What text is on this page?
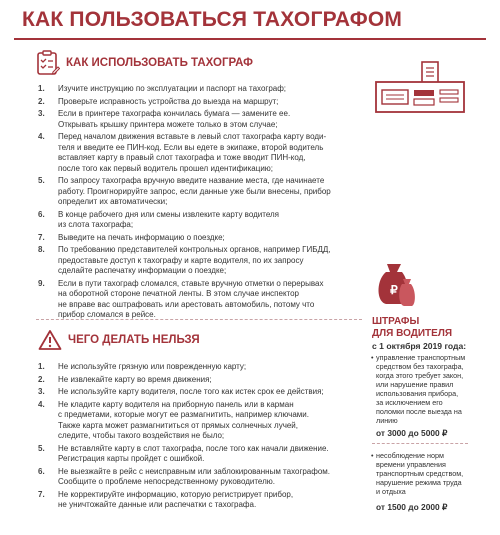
КАК ПОЛЬЗОВАТЬСЯ ТАХОГРАФОМ
КАК ИСПОЛЬЗОВАТЬ ТАХОГРАФ
1. Изучите инструкцию по эксплуатации и паспорт на тахограф;
2. Проверьте исправность устройства до выезда на маршрут;
3. Если в принтере тахографа кончилась бумага — замените ее.
Открывать крышку принтера можете только в этом случае;
4. Перед началом движения вставьте в левый слот тахографа карту води-
теля и введите ее ПИН-код. Если вы едете в экипаже, второй водитель
вставляет карту в правый слот тахографа и тоже вводит ПИН-код,
после того как первый водитель прошел идентификацию;
5. По запросу тахографа вручную введите название места, где начинаете
работу. Проигнорируйте запрос, если данные уже были внесены, прибор
определит их автоматически;
6. В конце рабочего дня или смены извлеките карту водителя
из слота тахографа;
7. Выведите на печать информацию о поездке;
8. По требованию представителей контрольных органов, например ГИБДД,
предоставьте доступ к тахографу и карте водителя, по их запросу
сделайте распечатку информации о поездке;
9. Если в пути тахограф сломался, ставьте вручную отметки о перерывах
на оборотной стороне печатной ленты. В этом случае инспектор
не вправе вас оштрафовать или арестовать автомобиль, потому что
прибор сломался в рейсе.
ЧЕГО ДЕЛАТЬ НЕЛЬЗЯ
1. Не используйте грязную или поврежденную карту;
2. Не извлекайте карту во время движения;
3. Не используйте карту водителя, после того как истек срок ее действия;
4. Не кладите карту водителя на приборную панель или в карман
с предметами, которые могут ее размагнитить, например ключами.
Также карта может размагнититься от прямых солнечных лучей,
следите, чтобы такого воздействия не было;
5. Не вставляйте карту в слот тахографа, после того как начали движение.
Регистрация карты пройдет с ошибкой.
6. Не выезжайте в рейс с неисправным или заблокированным тахографом.
Сообщите о проблеме непосредственному руководителю.
7. Не корректируйте информацию, которую регистрирует прибор,
не уничтожайте данные или распечатки с тахографа.
₽
ШТРАФЫ
ДЛЯ ВОДИТЕЛЯ
с 1 октября 2019 года:
• управление транспортным
средством без тахографа,
когда этого требует закон,
или нарушение правил
использования прибора,
за исключением его
поломки после выезда на
линию
от 3000 до 5000 ₽
• несоблюдение норм
времени управления
транспортным средством,
нарушение режима труда
и отдыха
от 1500 до 2000 ₽
